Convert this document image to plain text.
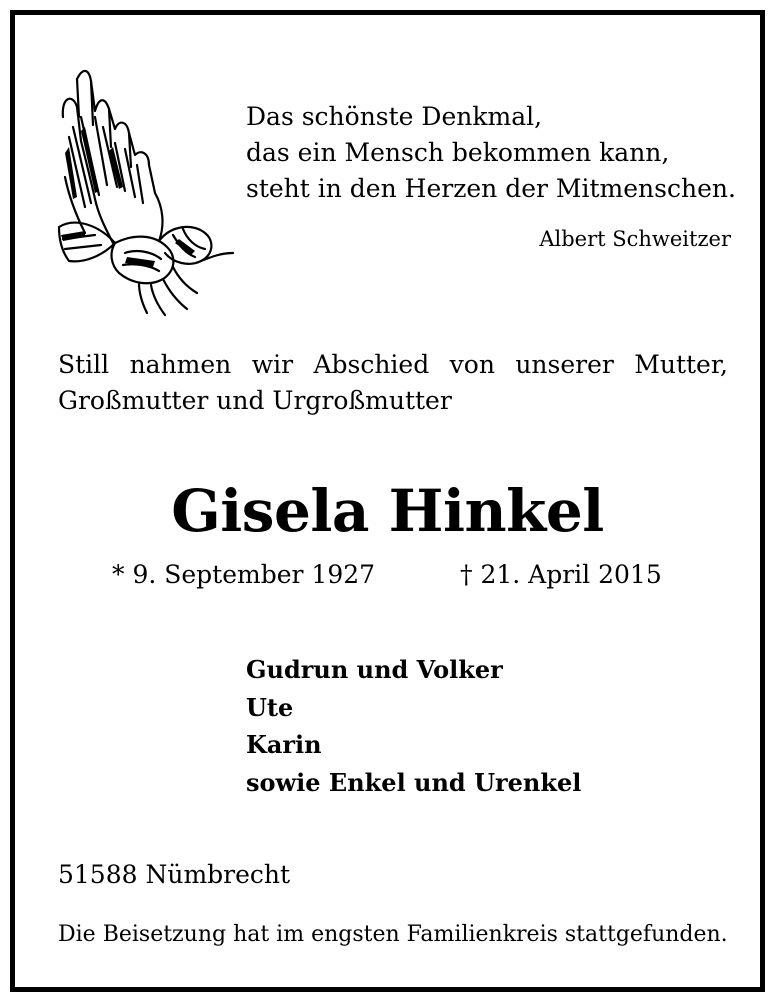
Das schönste Denkmal,
das ein Mensch bekommen kann,
steht in den Herzen der Mitmenschen.
Albert Schweitzer
Still nahmen wir Abschied von unserer Mutter,
Großmutter und Urgroßmutter
Gisela Hinkel
* 9. September 1927	† 21. April 2015
Gudrun und Volker
Ute
Karin
sowie Enkel und Urenkel
51588 Nümbrecht
Die Beisetzung hat im engsten Familienkreis stattgefunden.
